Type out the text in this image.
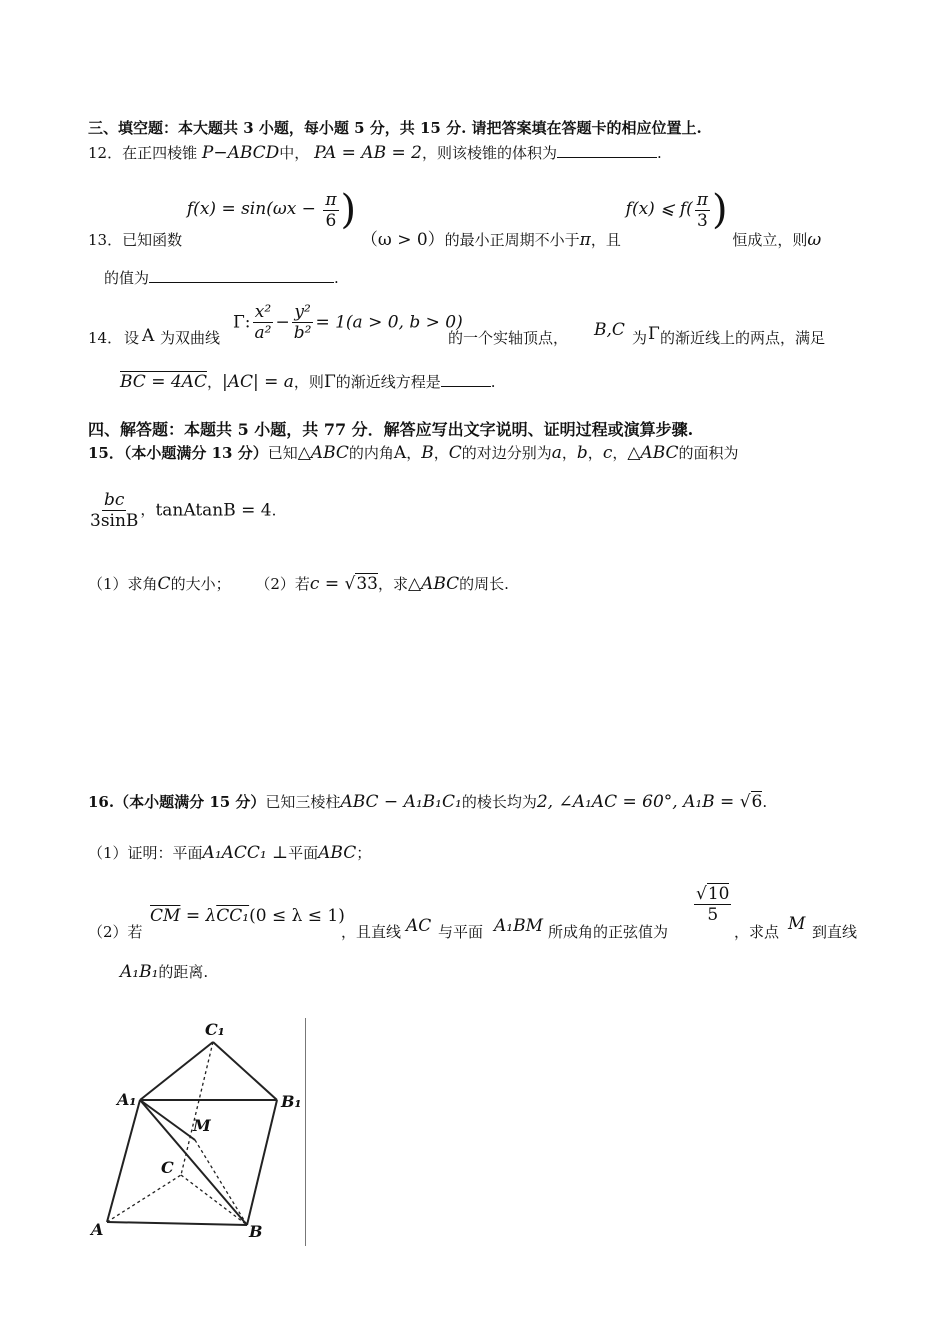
三、填空题：本大题共 3 小题，每小题 5 分，共 15 分. 请把答案填在答题卡的相应位置上.
12．在正四棱锥 P−ABCD中， PA = AB = 2，则该棱锥的体积为	.
13．已知函数 $f(x) = \sin(\omega x - \frac{\pi}{6}$ ) （ω > 0）的最小正周期不小于π，且 f(x) ⩽ $f( \frac{\pi}{3}$ ) 恒成立，则ω
的值为	.
14． 设 A 为双曲线
Γ: $\frac{\text{x²}}{\text{a²}} - \frac{\text{y²}}{\text{b²}} = 1(a > 0$, b > 0)
的一个实轴顶点， B,C 为 Γ 的渐近线上的两点，满足
BC = 4AC，|AC| = a，则Γ的渐近线方程是	.
四、解答题：本题共 5 小题，共 77 分．解答应写出文字说明、证明过程或演算步骤.
15．（本小题满分 13 分）已知△ABC的内角A，B，C的对边分别为a，b，c，△ABC的面积为
$\frac{bc}{3\sin B}$ ，tanAtanB = 4.
（1）求角C的大小； （2）若c = √33，求△ABC的周长.
16.（本小题满分 15 分）已知三棱柱ABC − A₁B₁C₁的棱长均为2, ∠A₁AC = 60°, A₁B = √6.
（1）证明：平面A₁ACC₁ ⊥平面ABC；
（2）若
$\overline{CM} = \lambda CC_1(0 \le \lambda \le 1)$
，且直线 AC 与平面 A₁BM 所成角的正弦值为
$\frac{√10}{5}$
，求点 M 到直线
A₁B₁的距离.
C₁
A₁	B₁
M
C
A	B
